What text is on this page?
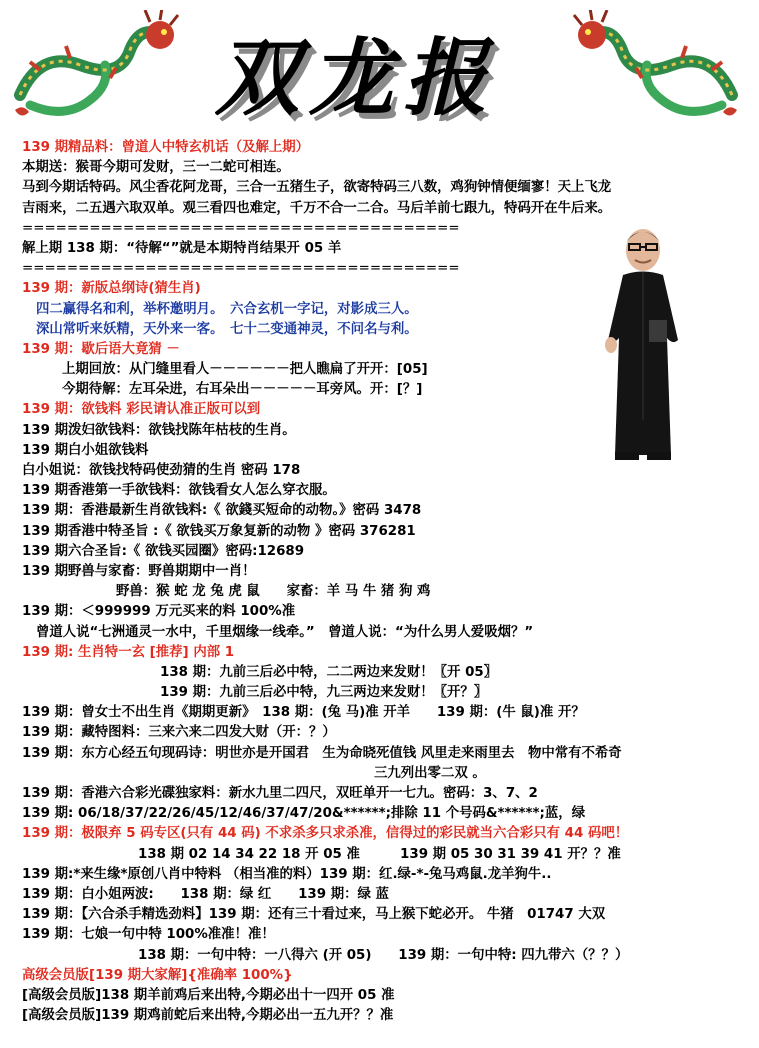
双龙报
139 期精品料：曾道人中特玄机话（及解上期）
本期送：猴哥今期可发财，三一二蛇可相连。
马到今期话特码。风尘香花阿龙哥，三合一五猪生子，欲寄特码三八数，鸡狗钟情便缅寥！天上飞龙
吉雨来，二五遇六取双单。观三看四也难定，千万不合一二合。马后羊前七跟九，特码开在牛后来。
=======================================
解上期 138 期：“待解“”就是本期特肖结果开 05 羊
=======================================
139 期：新版总纲诗(猜生肖)
四二赢得名和利，举杯邀明月。　六合玄机一字记，对影成三人。
深山常听来妖精，天外来一客。　七十二变通神灵，不问名与利。
139 期：歇后语大竟猜 －
上期回放：从门缝里看人－－－－－－把人瞧扁了开开：[05]
今期待解：左耳朵进，右耳朵出－－－－－耳旁风。开：[？]
139 期：欲钱料 彩民请认准正版可以到
139 期泼妇欲钱料：欲钱找陈年枯枝的生肖。
139 期白小姐欲钱料
白小姐说：欲钱找特码使劲猜的生肖 密码 178
139 期香港第一手欲钱料：欲钱看女人怎么穿衣服。
139 期：香港最新生肖欲钱料:《 欲錢买短命的动物。》密码 3478
139 期香港中特圣旨 :《 欲钱买万象复新的动物 》密码 376281
139 期六合圣旨:《 欲钱买园圈》密码:12689
139 期野兽与家畜：野兽期期中一肖！
野兽：猴 蛇 龙 兔 虎 鼠　　家畜：羊 马 牛 猪 狗 鸡
139 期：＜999999 万元买来的料 100%准
曾道人说“七洲通灵一水中，千里烟缘一线牵。”　曾道人说：“为什么男人爱吸烟？”
139 期: 生肖特一玄 [推荐] 内部 1
138 期：九前三后必中特，二二两边来发财！〖开 05〗
139 期：九前三后必中特，九三两边来发财！〖开？〗
139 期：曾女士不出生肖《期期更新》　138 期：(兔 马)准 开羊　　139 期：(牛 鼠)准 开？
139 期：藏特图料：三来六来二四发大财（开：？）
139 期：东方心经五句现码诗：明世亦是开国君　生为命晓死值钱 风里走来雨里去　物中常有不希奇
三九列出零二双 。
139 期：香港六合彩光碟独家料：新水九里二四尺，双旺单开一七九。密码：3、7、2
139 期: 06/18/37/22/26/45/12/46/37/47/20&******;排除 11 个号码&******;蓝，绿
139 期：极限弃 5 码专区(只有 44 码) 不求杀多只求杀准，信得过的彩民就当六合彩只有 44 码吧！
138 期 02 14 34 22 18 开 05 准　　　139 期 05 30 31 39 41 开？？准
139 期:*来生缘*原创八肖中特料 （相当准的料）139 期：红.绿-*-兔马鸡鼠.龙羊狗牛..
139 期：白小姐两波:　　138 期：绿 红　　139 期：绿 蓝
139 期：【六合杀手精选劲料】139 期：还有三十看过来，马上猴下蛇必开。 牛猪　01747 大双
139 期：七娘一句中特 100%准准！准！
138 期：一句中特：一八得六 (开 05)　　139 期：一句中特: 四九带六（？？）
高级会员版[139 期大家解]{准确率 100%}
[高级会员版]138 期羊前鸡后来出特,今期必出十一四开 05 准
[高级会员版]139 期鸡前蛇后来出特,今期必出一五九开？？准
